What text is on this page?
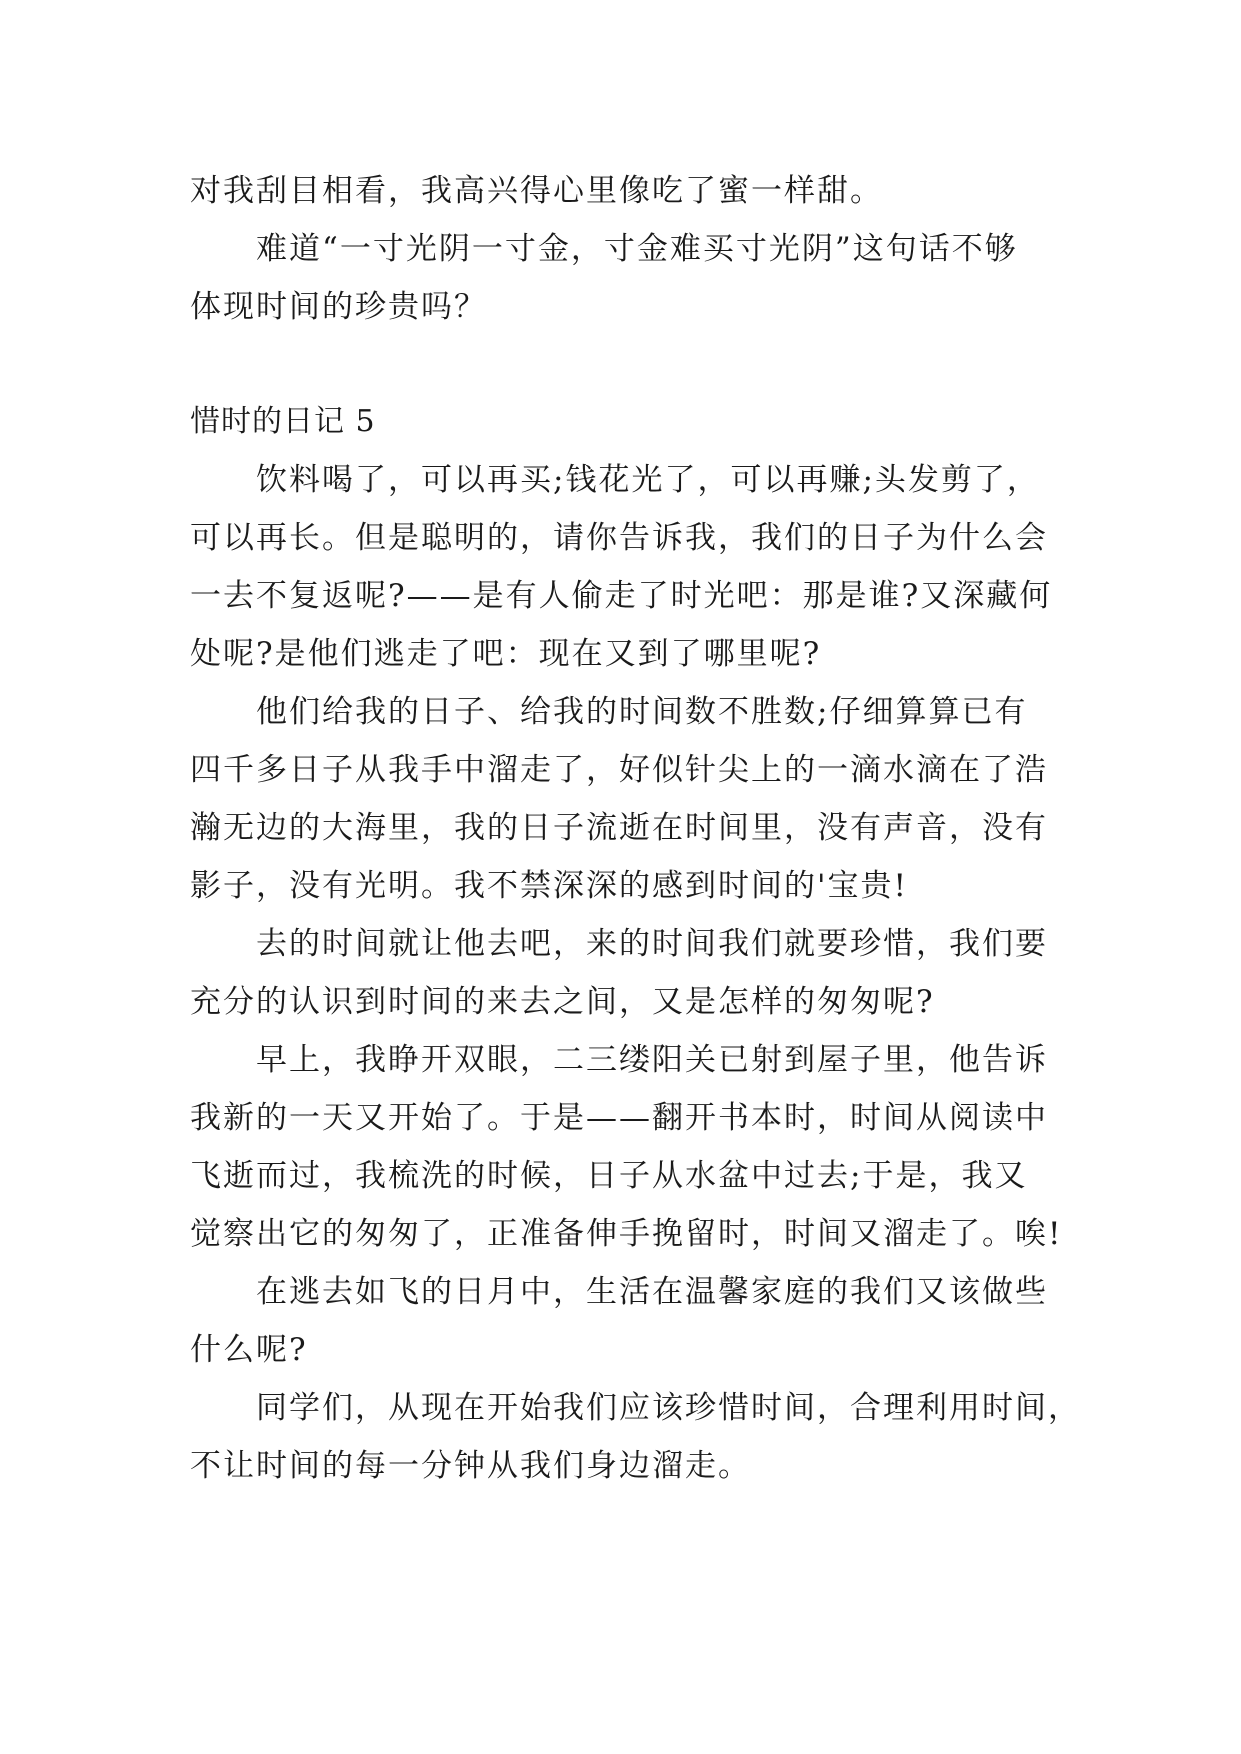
对我刮目相看，我高兴得心里像吃了蜜一样甜。
难道“一寸光阴一寸金，寸金难买寸光阴”这句话不够
体现时间的珍贵吗？
惜时的日记 5
饮料喝了，可以再买;钱花光了，可以再赚;头发剪了，
可以再长。但是聪明的，请你告诉我，我们的日子为什么会
一去不复返呢?——是有人偷走了时光吧：那是谁?又深藏何
处呢?是他们逃走了吧：现在又到了哪里呢?
他们给我的日子、给我的时间数不胜数;仔细算算已有
四千多日子从我手中溜走了，好似针尖上的一滴水滴在了浩
瀚无边的大海里，我的日子流逝在时间里，没有声音，没有
影子，没有光明。我不禁深深的感到时间的'宝贵!
去的时间就让他去吧，来的时间我们就要珍惜，我们要
充分的认识到时间的来去之间，又是怎样的匆匆呢?
早上，我睁开双眼，二三缕阳关已射到屋子里，他告诉
我新的一天又开始了。于是——翻开书本时，时间从阅读中
飞逝而过，我梳洗的时候，日子从水盆中过去;于是，我又
觉察出它的匆匆了，正准备伸手挽留时，时间又溜走了。唉!
在逃去如飞的日月中，生活在温馨家庭的我们又该做些
什么呢?
同学们，从现在开始我们应该珍惜时间，合理利用时间，
不让时间的每一分钟从我们身边溜走。
